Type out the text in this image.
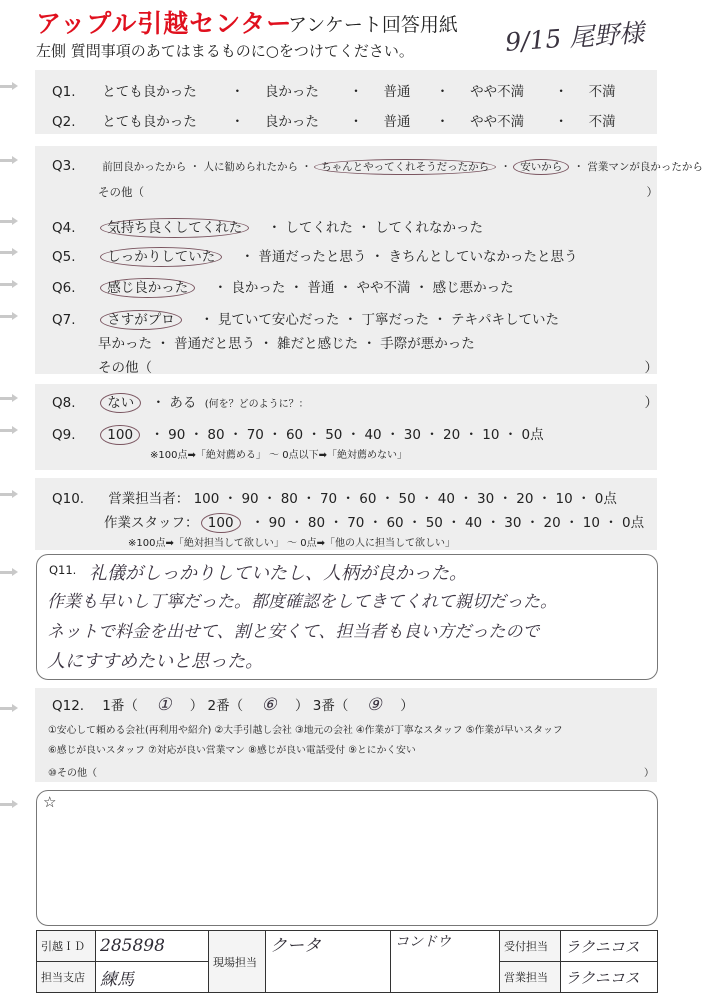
アップル引越センター
アンケート回答用紙
左側 質問事項のあてはまるものに○をつけてください。	9/15 尾野様
Q1. とても良かった	・ 良かった ・ 普通 ・ やや不満 ・ 不満
Q2. とても良かった	・ 良かった ・ 普通 ・ やや不満 ・ 不満
Q3.	前回良かったから ・ 人に勧められたから ・ ちゃんとやってくれそうだったから ・ 安いから ・ 営業マンが良かったから
その他（	）
Q4. 気持ち良くしてくれた ・ してくれた ・ してくれなかった
Q5. しっかりしていた ・ 普通だったと思う ・ きちんとしていなかったと思う
Q6. 感じ良かった ・ 良かった ・ 普通 ・ やや不満 ・ 感じ悪かった
Q7. さすがプロ ・ 見ていて安心だった ・ 丁寧だった ・ テキパキしていた
早かった ・ 普通だと思う ・ 雑だと感じた ・ 手際が悪かった
その他（	）
Q8. ない ・ ある (何を？どのように？：	）
Q9. 100 ・ 90 ・ 80 ・ 70 ・ 60 ・ 50 ・ 40 ・ 30 ・ 20 ・ 10 ・ 0点
※100点➡「絶対薦める」 〜 0点以下➡「絶対薦めない」
Q10. 営業担当者： 100 ・ 90 ・ 80 ・ 70 ・ 60 ・ 50 ・ 40 ・ 30 ・ 20 ・ 10 ・ 0点
作業スタッフ： 100 ・ 90 ・ 80 ・ 70 ・ 60 ・ 50 ・ 40 ・ 30 ・ 20 ・ 10 ・ 0点
※100点➡「絶対担当して欲しい」 〜 0点➡「他の人に担当して欲しい」
Q11. 礼儀がしっかりしていたし、人柄が良かった。
作業も早いし丁寧だった。都度確認をしてきてくれて親切だった。
ネットで料金を出せて、割と安くて、担当者も良い方だったので
人にすすめたいと思った。
Q12. 1番（ ① ） 2番（ ⑥ ） 3番（ ⑨ ）
①安心して頼める会社(再利用や紹介) ②大手引越し会社 ③地元の会社 ④作業が丁寧なスタッフ ⑤作業が早いスタッフ
⑥感じが良いスタッフ ⑦対応が良い営業マン ⑧感じが良い電話受付 ⑨とにかく安い
⑩その他（	）
☆
引越ＩＤ	285898	現場担当	クータ	コンドウ	受付担当	ラクニコス
担当支店	練馬				営業担当	ラクニコス
